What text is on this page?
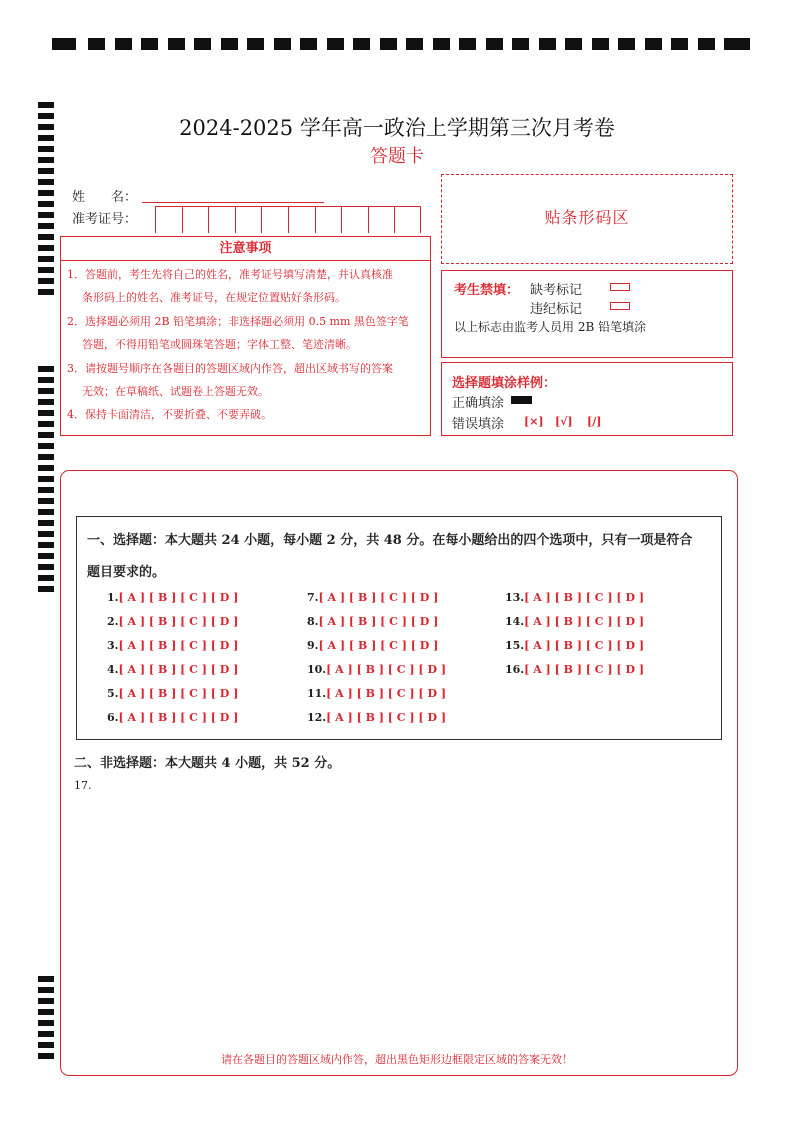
2024-2025 学年高一政治上学期第三次月考卷
答题卡
姓　　名：
准考证号：
注意事项
1．答题前，考生先将自己的姓名，准考证号填写清楚，并认真核准
条形码上的姓名、准考证号，在规定位置贴好条形码。
2．选择题必须用 2B 铅笔填涂；非选择题必须用 0.5 mm 黑色签字笔
答题，不得用铅笔或圆珠笔答题；字体工整、笔迹清晰。
3．请按题号顺序在各题目的答题区域内作答，超出区域书写的答案
无效；在草稿纸、试题卷上答题无效。
4．保持卡面清洁，不要折叠、不要弄破。
贴条形码区
考生禁填： 缺考标记
违纪标记
以上标志由监考人员用 2B 铅笔填涂
选择题填涂样例：
正确填涂
错误填涂 [×] [√] [/]
一、选择题：本大题共 24 小题，每小题 2 分，共 48 分。在每小题给出的四个选项中，只有一项是符合
题目要求的。
1.[ A ] [ B ] [ C ] [ D ]
2.[ A ] [ B ] [ C ] [ D ]
3.[ A ] [ B ] [ C ] [ D ]
4.[ A ] [ B ] [ C ] [ D ]
5.[ A ] [ B ] [ C ] [ D ]
6.[ A ] [ B ] [ C ] [ D ]
7.[ A ] [ B ] [ C ] [ D ]
8.[ A ] [ B ] [ C ] [ D ]
9.[ A ] [ B ] [ C ] [ D ]
10.[ A ] [ B ] [ C ] [ D ]
11.[ A ] [ B ] [ C ] [ D ]
12.[ A ] [ B ] [ C ] [ D ]
13.[ A ] [ B ] [ C ] [ D ]
14.[ A ] [ B ] [ C ] [ D ]
15.[ A ] [ B ] [ C ] [ D ]
16.[ A ] [ B ] [ C ] [ D ]
二、非选择题：本大题共 4 小题，共 52 分。
17.
请在各题目的答题区域内作答，超出黑色矩形边框限定区域的答案无效！
